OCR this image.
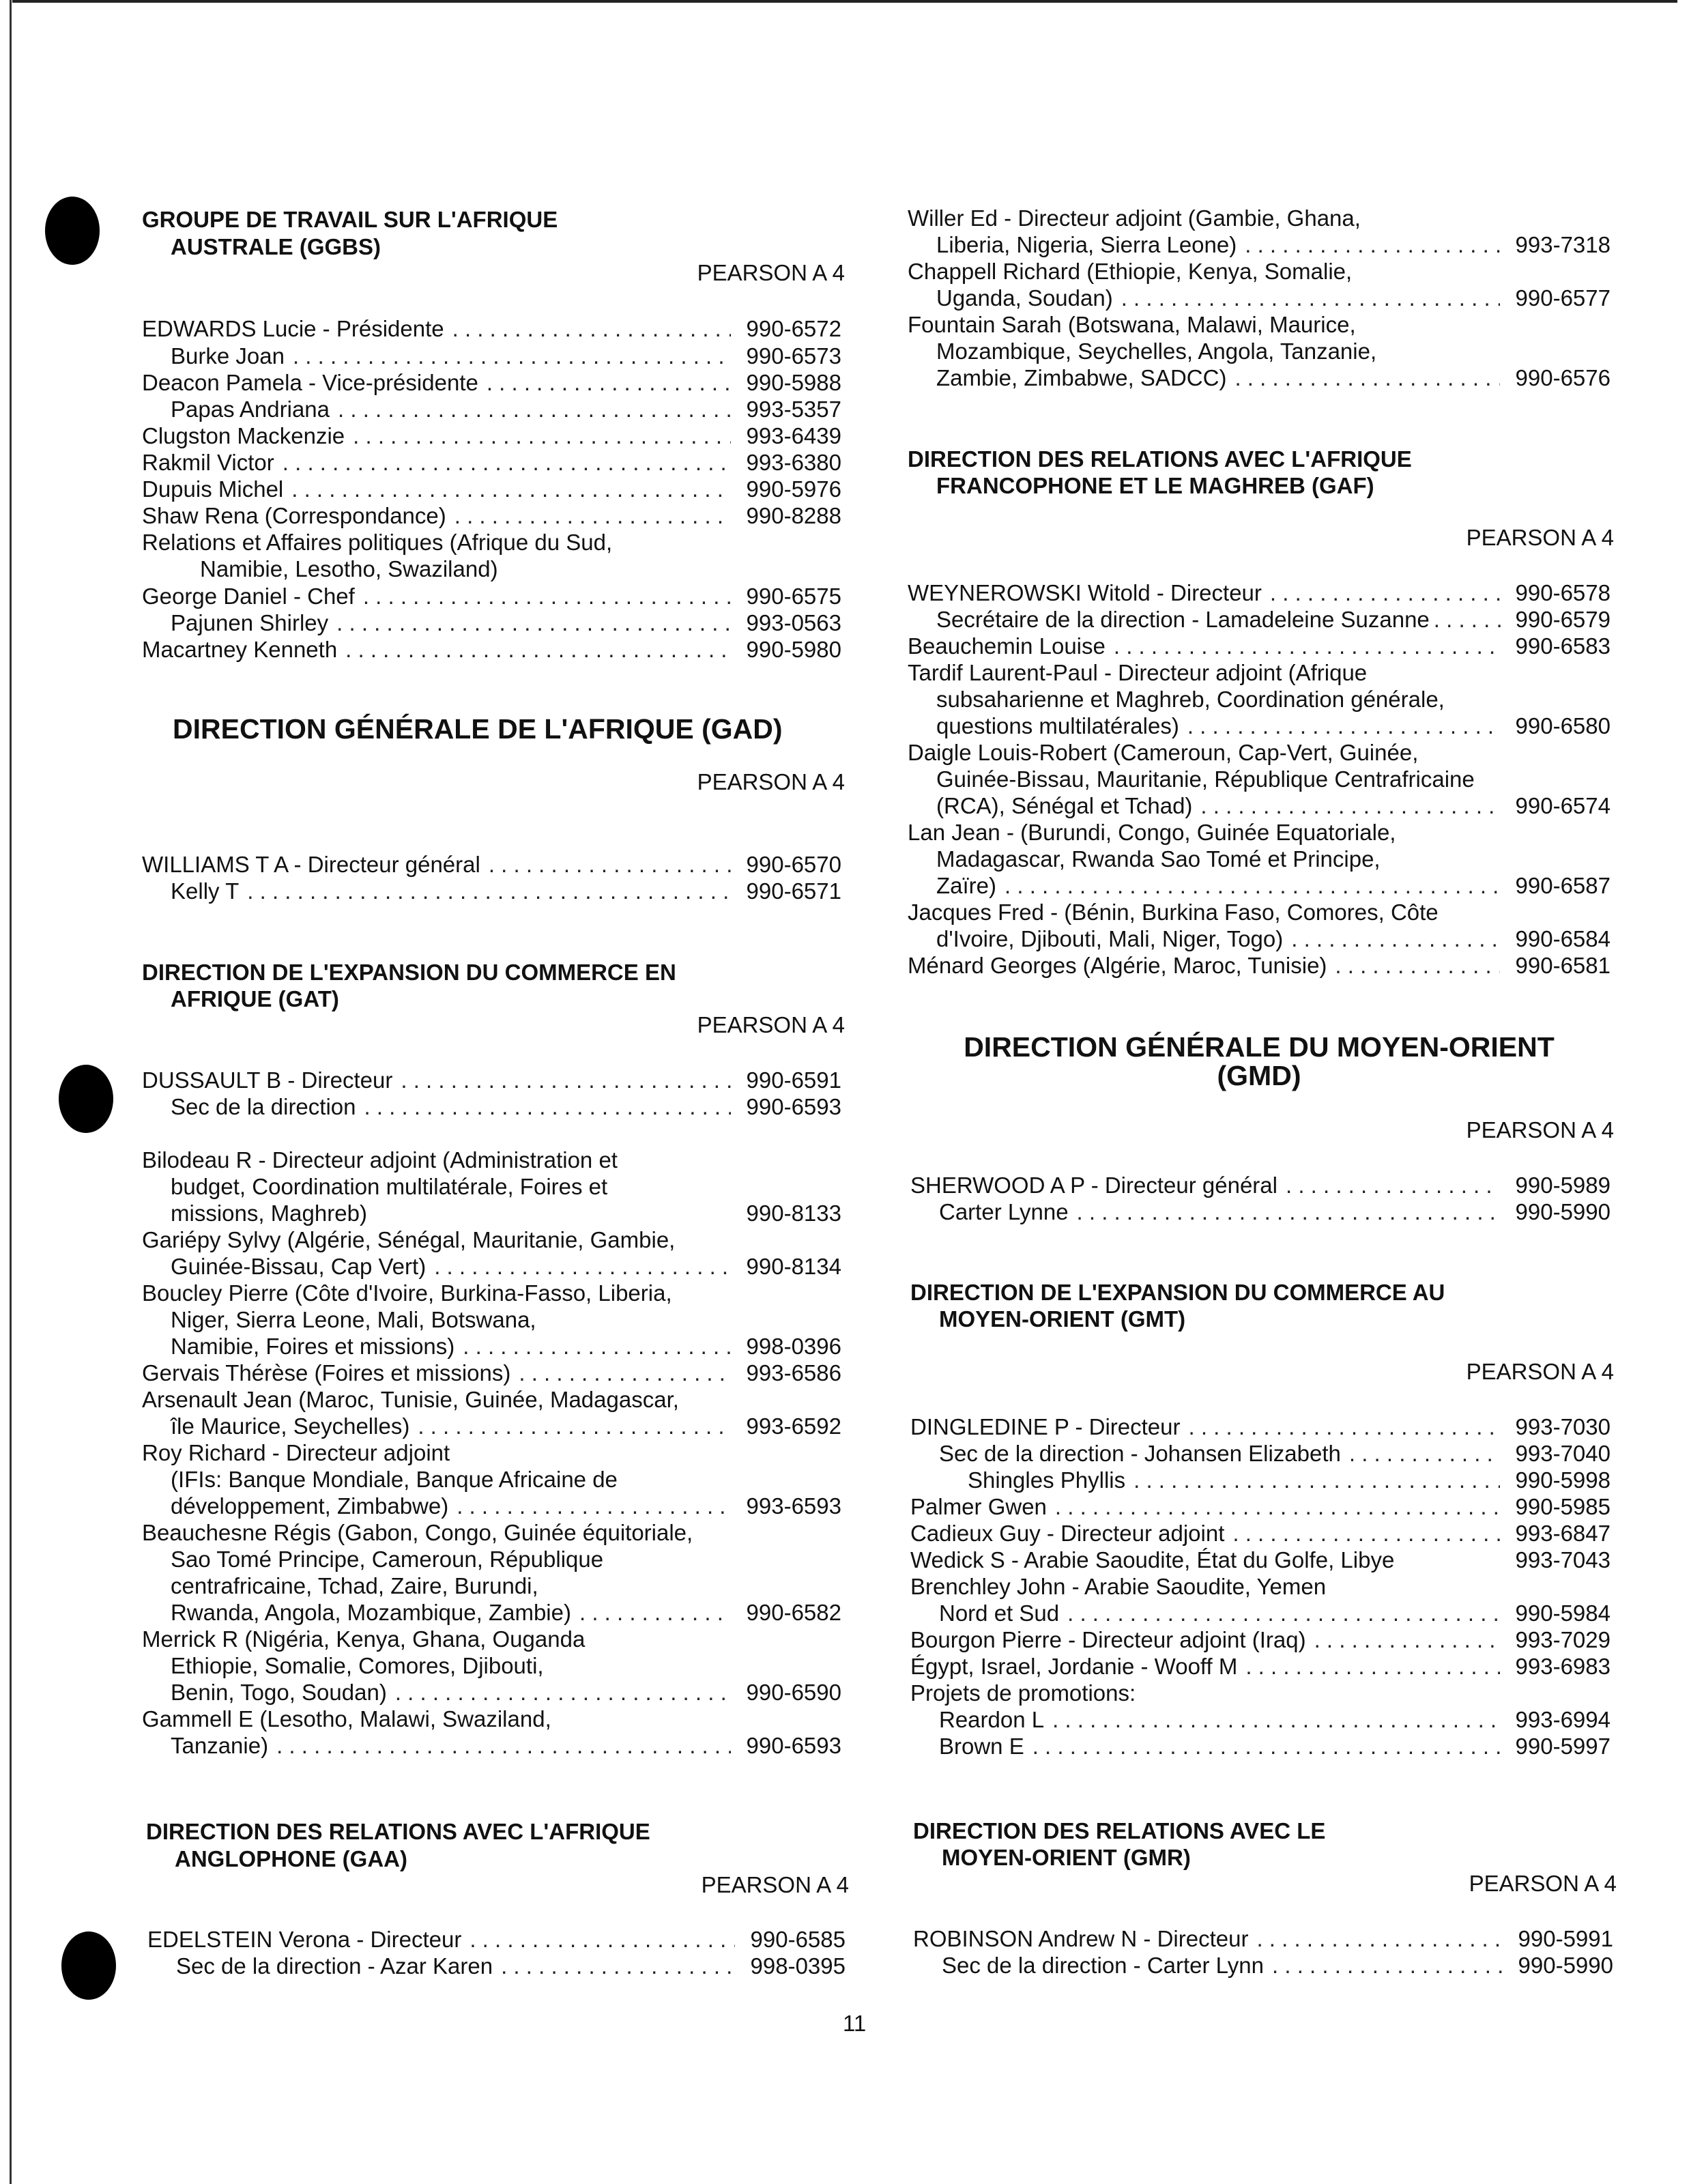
GROUPE DE TRAVAIL SUR L'AFRIQUE
AUSTRALE (GGBS)
PEARSON A 4
EDWARDS Lucie - Présidente . . .	990-6572
Burke Joan . . .	990-6573
Deacon Pamela - Vice-présidente . . .	990-5988
Papas Andriana . . .	993-5357
Clugston Mackenzie . . .	993-6439
Rakmil Victor . . .	993-6380
Dupuis Michel . . .	990-5976
Shaw Rena (Correspondance) . . .	990-8288
Relations et Affaires politiques (Afrique du Sud,
Namibie, Lesotho, Swaziland)
George Daniel - Chef . . .	990-6575
Pajunen Shirley . . .	993-0563
Macartney Kenneth . . .	990-5980
DIRECTION GÉNÉRALE DE L'AFRIQUE (GAD)
PEARSON A 4
WILLIAMS T A - Directeur général . . .	990-6570
Kelly T . . .	990-6571
DIRECTION DE L'EXPANSION DU COMMERCE EN
AFRIQUE (GAT)
PEARSON A 4
DUSSAULT B - Directeur . . .	990-6591
Sec de la direction . . .	990-6593
Bilodeau R - Directeur adjoint (Administration et
budget, Coordination multilatérale, Foires et
missions, Maghreb)	990-8133
Gariépy Sylvy (Algérie, Sénégal, Mauritanie, Gambie,
Guinée-Bissau, Cap Vert) . . .	990-8134
Boucley Pierre (Côte d'Ivoire, Burkina-Fasso, Liberia,
Niger, Sierra Leone, Mali, Botswana,
Namibie, Foires et missions) . . .	998-0396
Gervais Thérèse (Foires et missions) . . .	993-6586
Arsenault Jean (Maroc, Tunisie, Guinée, Madagascar,
île Maurice, Seychelles) . . .	993-6592
Roy Richard - Directeur adjoint
(IFIs: Banque Mondiale, Banque Africaine de
développement, Zimbabwe) . . .	993-6593
Beauchesne Régis (Gabon, Congo, Guinée équitoriale,
Sao Tomé Principe, Cameroun, République
centrafricaine, Tchad, Zaire, Burundi,
Rwanda, Angola, Mozambique, Zambie) . . .	990-6582
Merrick R (Nigéria, Kenya, Ghana, Ouganda
Ethiopie, Somalie, Comores, Djibouti,
Benin, Togo, Soudan) . . .	990-6590
Gammell E (Lesotho, Malawi, Swaziland,
Tanzanie) . . .	990-6593
DIRECTION DES RELATIONS AVEC L'AFRIQUE
ANGLOPHONE (GAA)
PEARSON A 4
EDELSTEIN Verona - Directeur . . .	990-6585
Sec de la direction - Azar Karen . . .	998-0395
Willer Ed - Directeur adjoint (Gambie, Ghana,
Liberia, Nigeria, Sierra Leone) . . .	993-7318
Chappell Richard (Ethiopie, Kenya, Somalie,
Uganda, Soudan) . . .	990-6577
Fountain Sarah (Botswana, Malawi, Maurice,
Mozambique, Seychelles, Angola, Tanzanie,
Zambie, Zimbabwe, SADCC) . . .	990-6576
DIRECTION DES RELATIONS AVEC L'AFRIQUE
FRANCOPHONE ET LE MAGHREB (GAF)
PEARSON A 4
WEYNEROWSKI Witold - Directeur . . .	990-6578
Secrétaire de la direction - Lamadeleine Suzanne . . .	990-6579
Beauchemin Louise . . .	990-6583
Tardif Laurent-Paul - Directeur adjoint (Afrique
subsaharienne et Maghreb, Coordination générale,
questions multilatérales) . . .	990-6580
Daigle Louis-Robert (Cameroun, Cap-Vert, Guinée,
Guinée-Bissau, Mauritanie, République Centrafricaine
(RCA), Sénégal et Tchad) . . .	990-6574
Lan Jean - (Burundi, Congo, Guinée Equatoriale,
Madagascar, Rwanda Sao Tomé et Principe,
Zaïre) . . .	990-6587
Jacques Fred - (Bénin, Burkina Faso, Comores, Côte
d'Ivoire, Djibouti, Mali, Niger, Togo) . . .	990-6584
Ménard Georges (Algérie, Maroc, Tunisie) . . .	990-6581
DIRECTION GÉNÉRALE DU MOYEN-ORIENT
(GMD)
PEARSON A 4
SHERWOOD A P - Directeur général . . .	990-5989
Carter Lynne . . .	990-5990
DIRECTION DE L'EXPANSION DU COMMERCE AU
MOYEN-ORIENT (GMT)
PEARSON A 4
DINGLEDINE P - Directeur . . .	993-7030
Sec de la direction - Johansen Elizabeth . . .	993-7040
Shingles Phyllis . . .	990-5998
Palmer Gwen . . .	990-5985
Cadieux Guy - Directeur adjoint . . .	993-6847
Wedick S - Arabie Saoudite, État du Golfe, Libye	993-7043
Brenchley John - Arabie Saoudite, Yemen
Nord et Sud . . .	990-5984
Bourgon Pierre - Directeur adjoint (Iraq) . . .	993-7029
Égypt, Israel, Jordanie - Wooff M . . .	993-6983
Projets de promotions:
Reardon L . . .	993-6994
Brown E . . .	990-5997
DIRECTION DES RELATIONS AVEC LE
MOYEN-ORIENT (GMR)
PEARSON A 4
ROBINSON Andrew N - Directeur . . .	990-5991
Sec de la direction - Carter Lynn . . .	990-5990
11
